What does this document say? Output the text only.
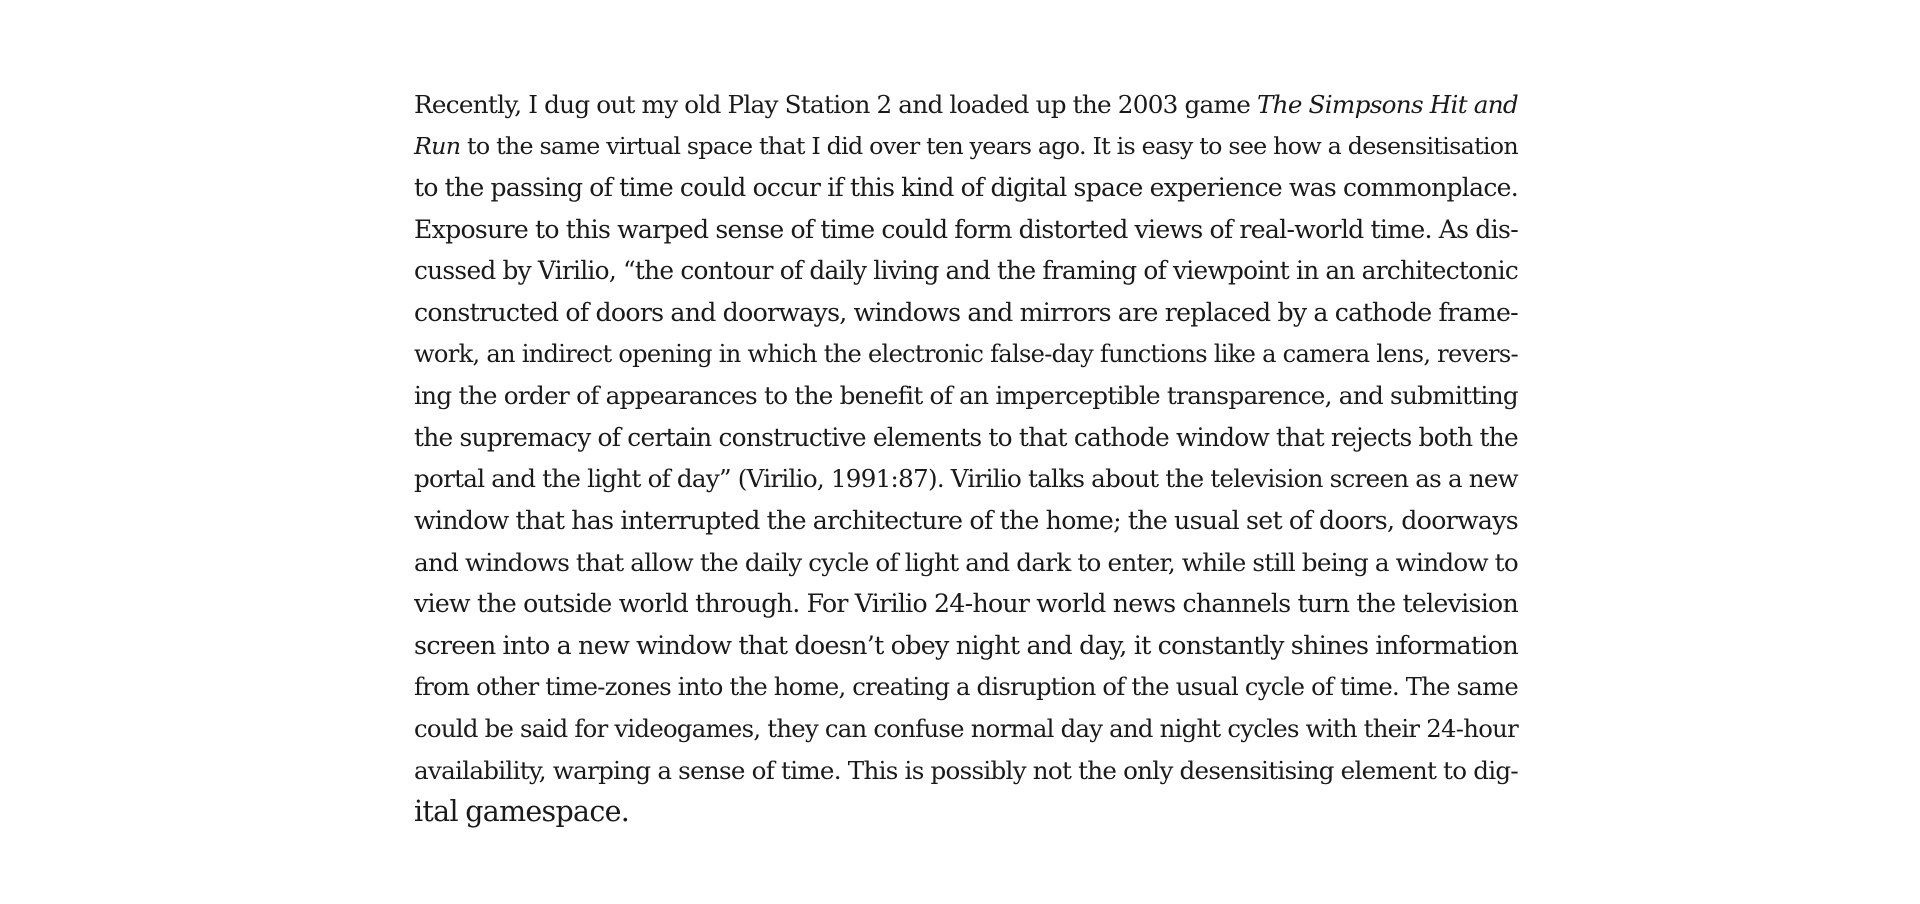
Recently, I dug out my old Play Station 2 and loaded up the 2003 game The Simpsons Hit and
Run to the same virtual space that I did over ten years ago. It is easy to see how a desensitisation
to the passing of time could occur if this kind of digital space experience was commonplace.
Exposure to this warped sense of time could form distorted views of real-world time. As dis-
cussed by Virilio, “the contour of daily living and the framing of viewpoint in an architectonic
constructed of doors and doorways, windows and mirrors are replaced by a cathode frame-
work, an indirect opening in which the electronic false-day functions like a camera lens, revers-
ing the order of appearances to the benefit of an imperceptible transparence, and submitting
the supremacy of certain constructive elements to that cathode window that rejects both the
portal and the light of day” (Virilio, 1991:87). Virilio talks about the television screen as a new
window that has interrupted the architecture of the home; the usual set of doors, doorways
and windows that allow the daily cycle of light and dark to enter, while still being a window to
view the outside world through. For Virilio 24-hour world news channels turn the television
screen into a new window that doesn’t obey night and day, it constantly shines information
from other time-zones into the home, creating a disruption of the usual cycle of time. The same
could be said for videogames, they can confuse normal day and night cycles with their 24-hour
availability, warping a sense of time. This is possibly not the only desensitising element to dig-
ital gamespace.
